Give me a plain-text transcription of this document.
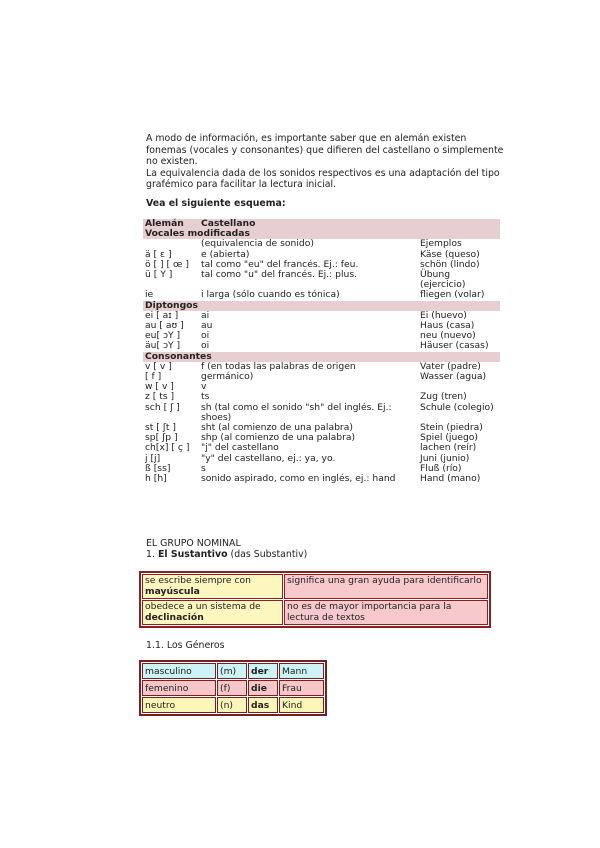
A modo de información, es importante saber que en alemán existen fonemas (vocales y consonantes) que difieren del castellano o simplemente no existen.

La equivalencia dada de los sonidos respectivos es una adaptación del tipo grafémico para facilitar la lectura inicial.

Vea el siguiente esquema:
Alemán	Castellano	
Vocales modificadas		
	(equivalencia de sonido)	Ejemplos
ä [ ɛ ]	e (abierta)	Käse (queso)
ö [ ] [ œ ]	tal como "eu" del francés. Ej.: feu.	schön (lindo)
ü [ Y ]	tal como "u" del francés. Ej.: plus.	Übung (ejercicio)
ie	i larga (sólo cuando es tónica)	fliegen (volar)
Diptongos		
ei [ aɪ ]	ai	Ei (huevo)
au [ aʊ ]	au	Haus (casa)
eu[ ɔY ]	oi	neu (nuevo)
äu[ ɔY ]	oi	Häuser (casas)
Consonantes		
v [ v ]	f (en todas las palabras de origen	Vater (padre)
[ f ]	germánico)	Wasser (agua)
w [ v ]	v	
z [ ts ]	ts	Zug (tren)
sch [ ʃ ]	sh (tal como el sonido "sh" del inglés. Ej.: shoes)	Schule (colegio)
st [ ʃt ]	sht (al comienzo de una palabra)	Stein (piedra)
sp[ ʃp ]	shp (al comienzo de una palabra)	Spiel (juego)
ch[x] [ ç ]	"j" del castellano	lachen (reír)
j [j]	"y" del castellano, ej.: ya, yo.	Juni (junio)
ß [ss]	s	Fluß (río)
h [h]	sonido aspirado, como en inglés, ej.: hand	Hand (mano)
EL GRUPO NOMINAL
1. El Sustantivo (das Substantiv)
se escribe siempre con
mayúscula	significa una gran ayuda para identificarlo
obedece a un sistema de
declinación	no es de mayor importancia para la lectura de textos
1.1. Los Géneros
masculino	(m)	der	Mann
femenino	(f)	die	Frau
neutro	(n)	das	Kind
